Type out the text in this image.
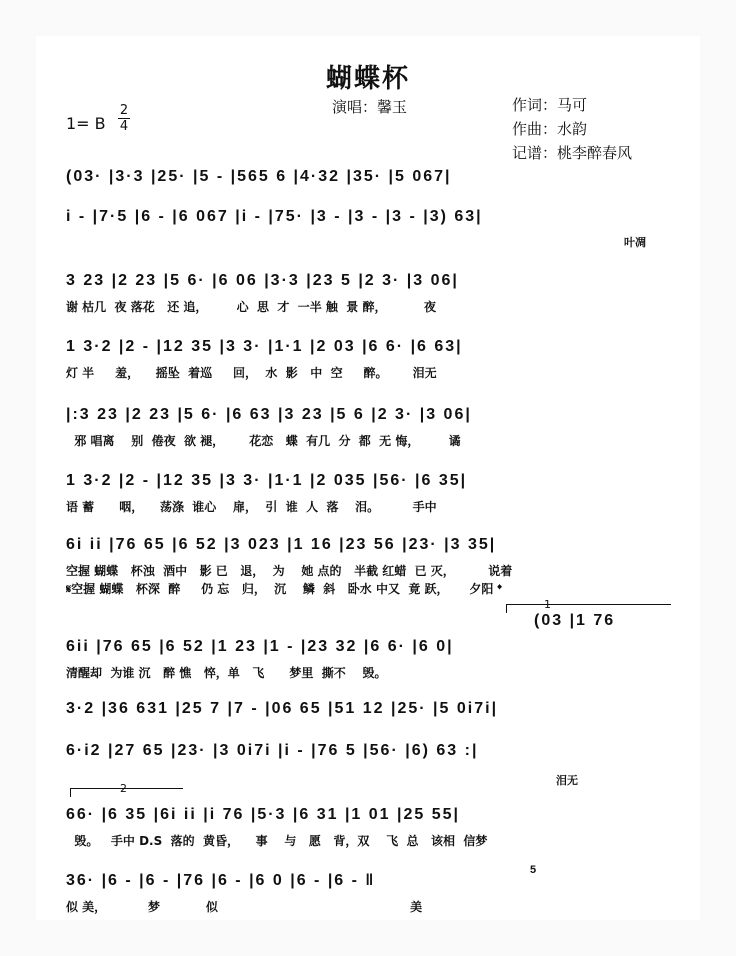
蝴蝶杯
演唱：馨玉	作词：马可
作曲：水韵
记谱：桃李醉春风
1= B
2
4
(03· |3·3 |25· |5 - |565 6 |4·32 |35· |5 067|
i - |7·5 |6 - |6 067 |i - |75· |3 - |3 - |3 - |3) 63|
叶凋
3 23 |2 23 |5 6· |6 06 |3·3 |23 5 |2 3· |3 06|
谢 枯几  夜 落花   还 追，       心  思  才  一半 触  景 醉，         夜
1 3·2 |2 - |12 35 |3 3· |1·1 |2 03 |6 6· |6 63|
灯 半     羞，    摇坠  着巡     回，  水  影   中  空     醉。      泪无
|:3 23 |2 23 |5 6· |6 63 |3 23 |5 6 |2 3· |3 06|
邪 唱离    别  倦夜  欲 褪，      花恋   蝶  有几  分  都  无 悔，       谲
1 3·2 |2 - |12 35 |3 3· |1·1 |2 035 |56· |6 35|
语 蓄      咽，    荡涤  谁心    扉，  引  谁  人  落    泪。        手中
6i ii |76 65 |6 52 |3 023 |1 16 |23 56 |23· |3 35|
空握 蝴蝶   杯浊  酒中   影 已   退，  为    她 点的   半截 红蜡  已 灭，        说着
𝄋空握 蝴蝶   杯深  醉     仍 忘   归，  沉    鳞  斜   卧水 中又  竟 跃，     夕阳 𝄌
1
(03 |1 76
6ii |76 65 |6 52 |1 23 |1 - |23 32 |6 6· |6 0|
清醒却  为谁 沉   醉 憔   悴，单   飞      梦里  撕不    毁。
3·2 |36 631 |25 7 |7 - |06 65 |51 12 |25· |5 0i7i|
6·i2 |27 65 |23· |3 0i7i |i - |76 5 |56· |6) 63 :|
泪无
2
66· |6 35 |6i ii |i 76 |5·3 |6 31 |1 01 |25 55|
毁。   手中 D.S  落的  黄昏，    事    与   愿   背，双    飞  总   该相  信梦
36· |6 - |6 - |76 |6 - |6 0 |6 - |6 - ‖
5
似 美，          梦           似                                              美
